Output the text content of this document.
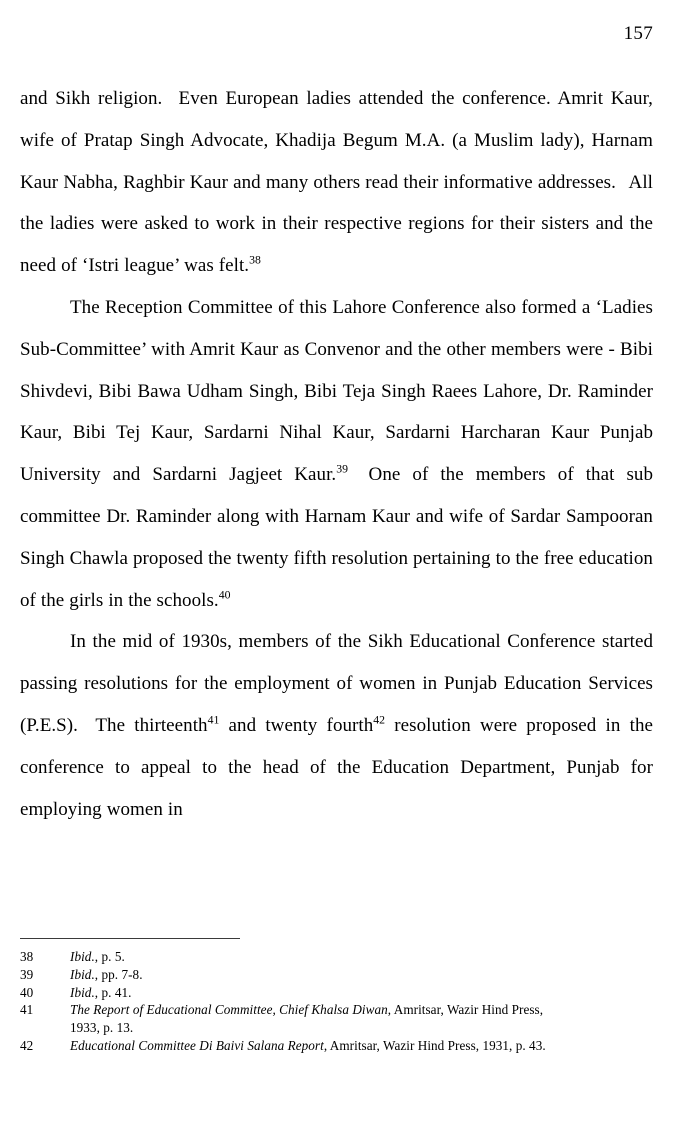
157

and Sikh religion. Even European ladies attended the conference. Amrit Kaur, wife of Pratap Singh Advocate, Khadija Begum M.A. (a Muslim lady), Harnam Kaur Nabha, Raghbir Kaur and many others read their informative addresses. All the ladies were asked to work in their respective regions for their sisters and the need of ‘Istri league’ was felt.$^{38}$

The Reception Committee of this Lahore Conference also formed a ‘Ladies Sub-Committee’ with Amrit Kaur as Convenor and the other members were - Bibi Shivdevi, Bibi Bawa Udham Singh, Bibi Teja Singh Raees Lahore, Dr. Raminder Kaur, Bibi Tej Kaur, Sardarni Nihal Kaur, Sardarni Harcharan Kaur Punjab University and Sardarni Jagjeet Kaur.$^{39}$ One of the members of that sub committee Dr. Raminder along with Harnam Kaur and wife of Sardar Sampooran Singh Chawla proposed the twenty fifth resolution pertaining to the free education of the girls in the schools.$^{40}$

In the mid of 1930s, members of the Sikh Educational Conference started passing resolutions for the employment of women in Punjab Education Services (P.E.S). The thirteenth$^{41}$ and twenty fourth$^{42}$ resolution were proposed in the conference to appeal to the head of the Education Department, Punjab for employing women in

38	Ibid., p. 5.
39	Ibid., pp. 7-8.
40	Ibid., p. 41.
41	The Report of Educational Committee, Chief Khalsa Diwan, Amritsar, Wazir Hind Press,
1933, p. 13.
42	Educational Committee Di Baivi Salana Report, Amritsar, Wazir Hind Press, 1931, p. 43.
